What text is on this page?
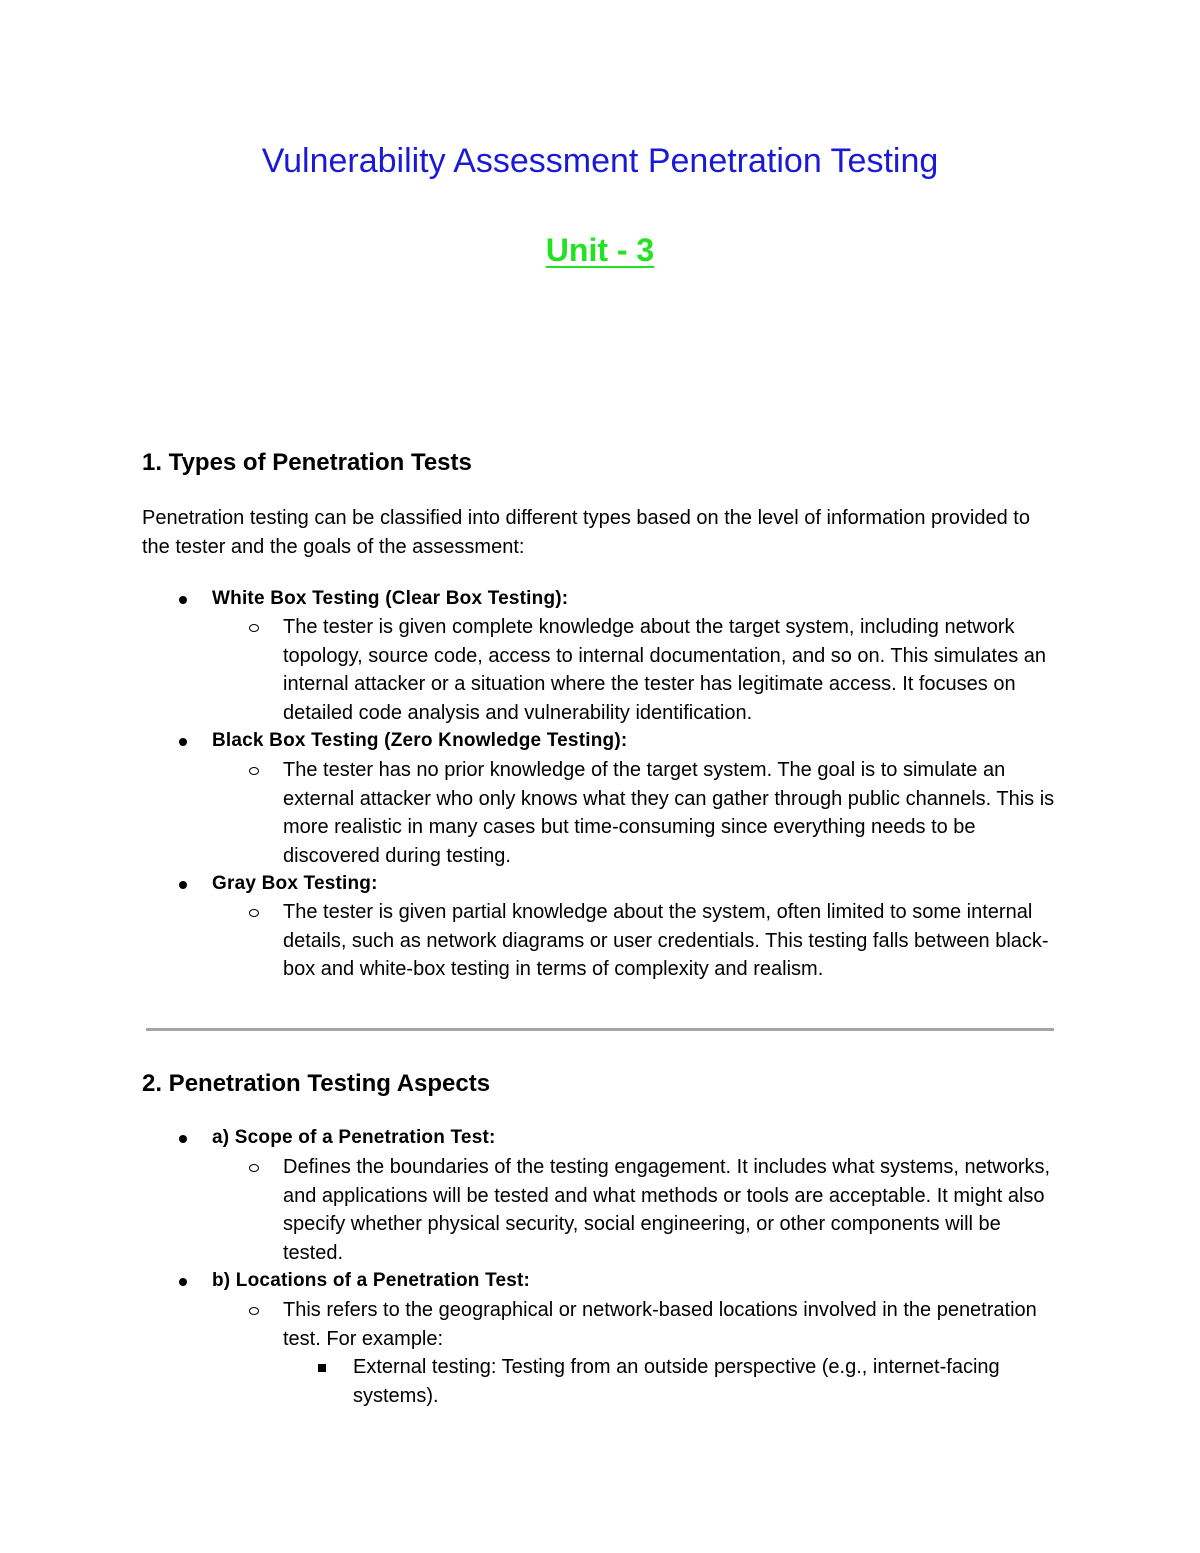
Vulnerability Assessment Penetration Testing
Unit - 3
1. Types of Penetration Tests

Penetration testing can be classified into different types based on the level of information provided to the tester and the goals of the assessment:

White Box Testing (Clear Box Testing):

The tester is given complete knowledge about the target system, including network topology, source code, access to internal documentation, and so on. This simulates an internal attacker or a situation where the tester has legitimate access. It focuses on detailed code analysis and vulnerability identification.

Black Box Testing (Zero Knowledge Testing):

The tester has no prior knowledge of the target system. The goal is to simulate an external attacker who only knows what they can gather through public channels. This is more realistic in many cases but time-consuming since everything needs to be discovered during testing.

Gray Box Testing:

The tester is given partial knowledge about the system, often limited to some internal details, such as network diagrams or user credentials. This testing falls between black-box and white-box testing in terms of complexity and realism.

2. Penetration Testing Aspects
a) Scope of a Penetration Test:

Defines the boundaries of the testing engagement. It includes what systems, networks, and applications will be tested and what methods or tools are acceptable. It might also specify whether physical security, social engineering, or other components will be tested.

b) Locations of a Penetration Test:

This refers to the geographical or network-based locations involved in the penetration test. For example:

External testing: Testing from an outside perspective (e.g., internet-facing systems).
